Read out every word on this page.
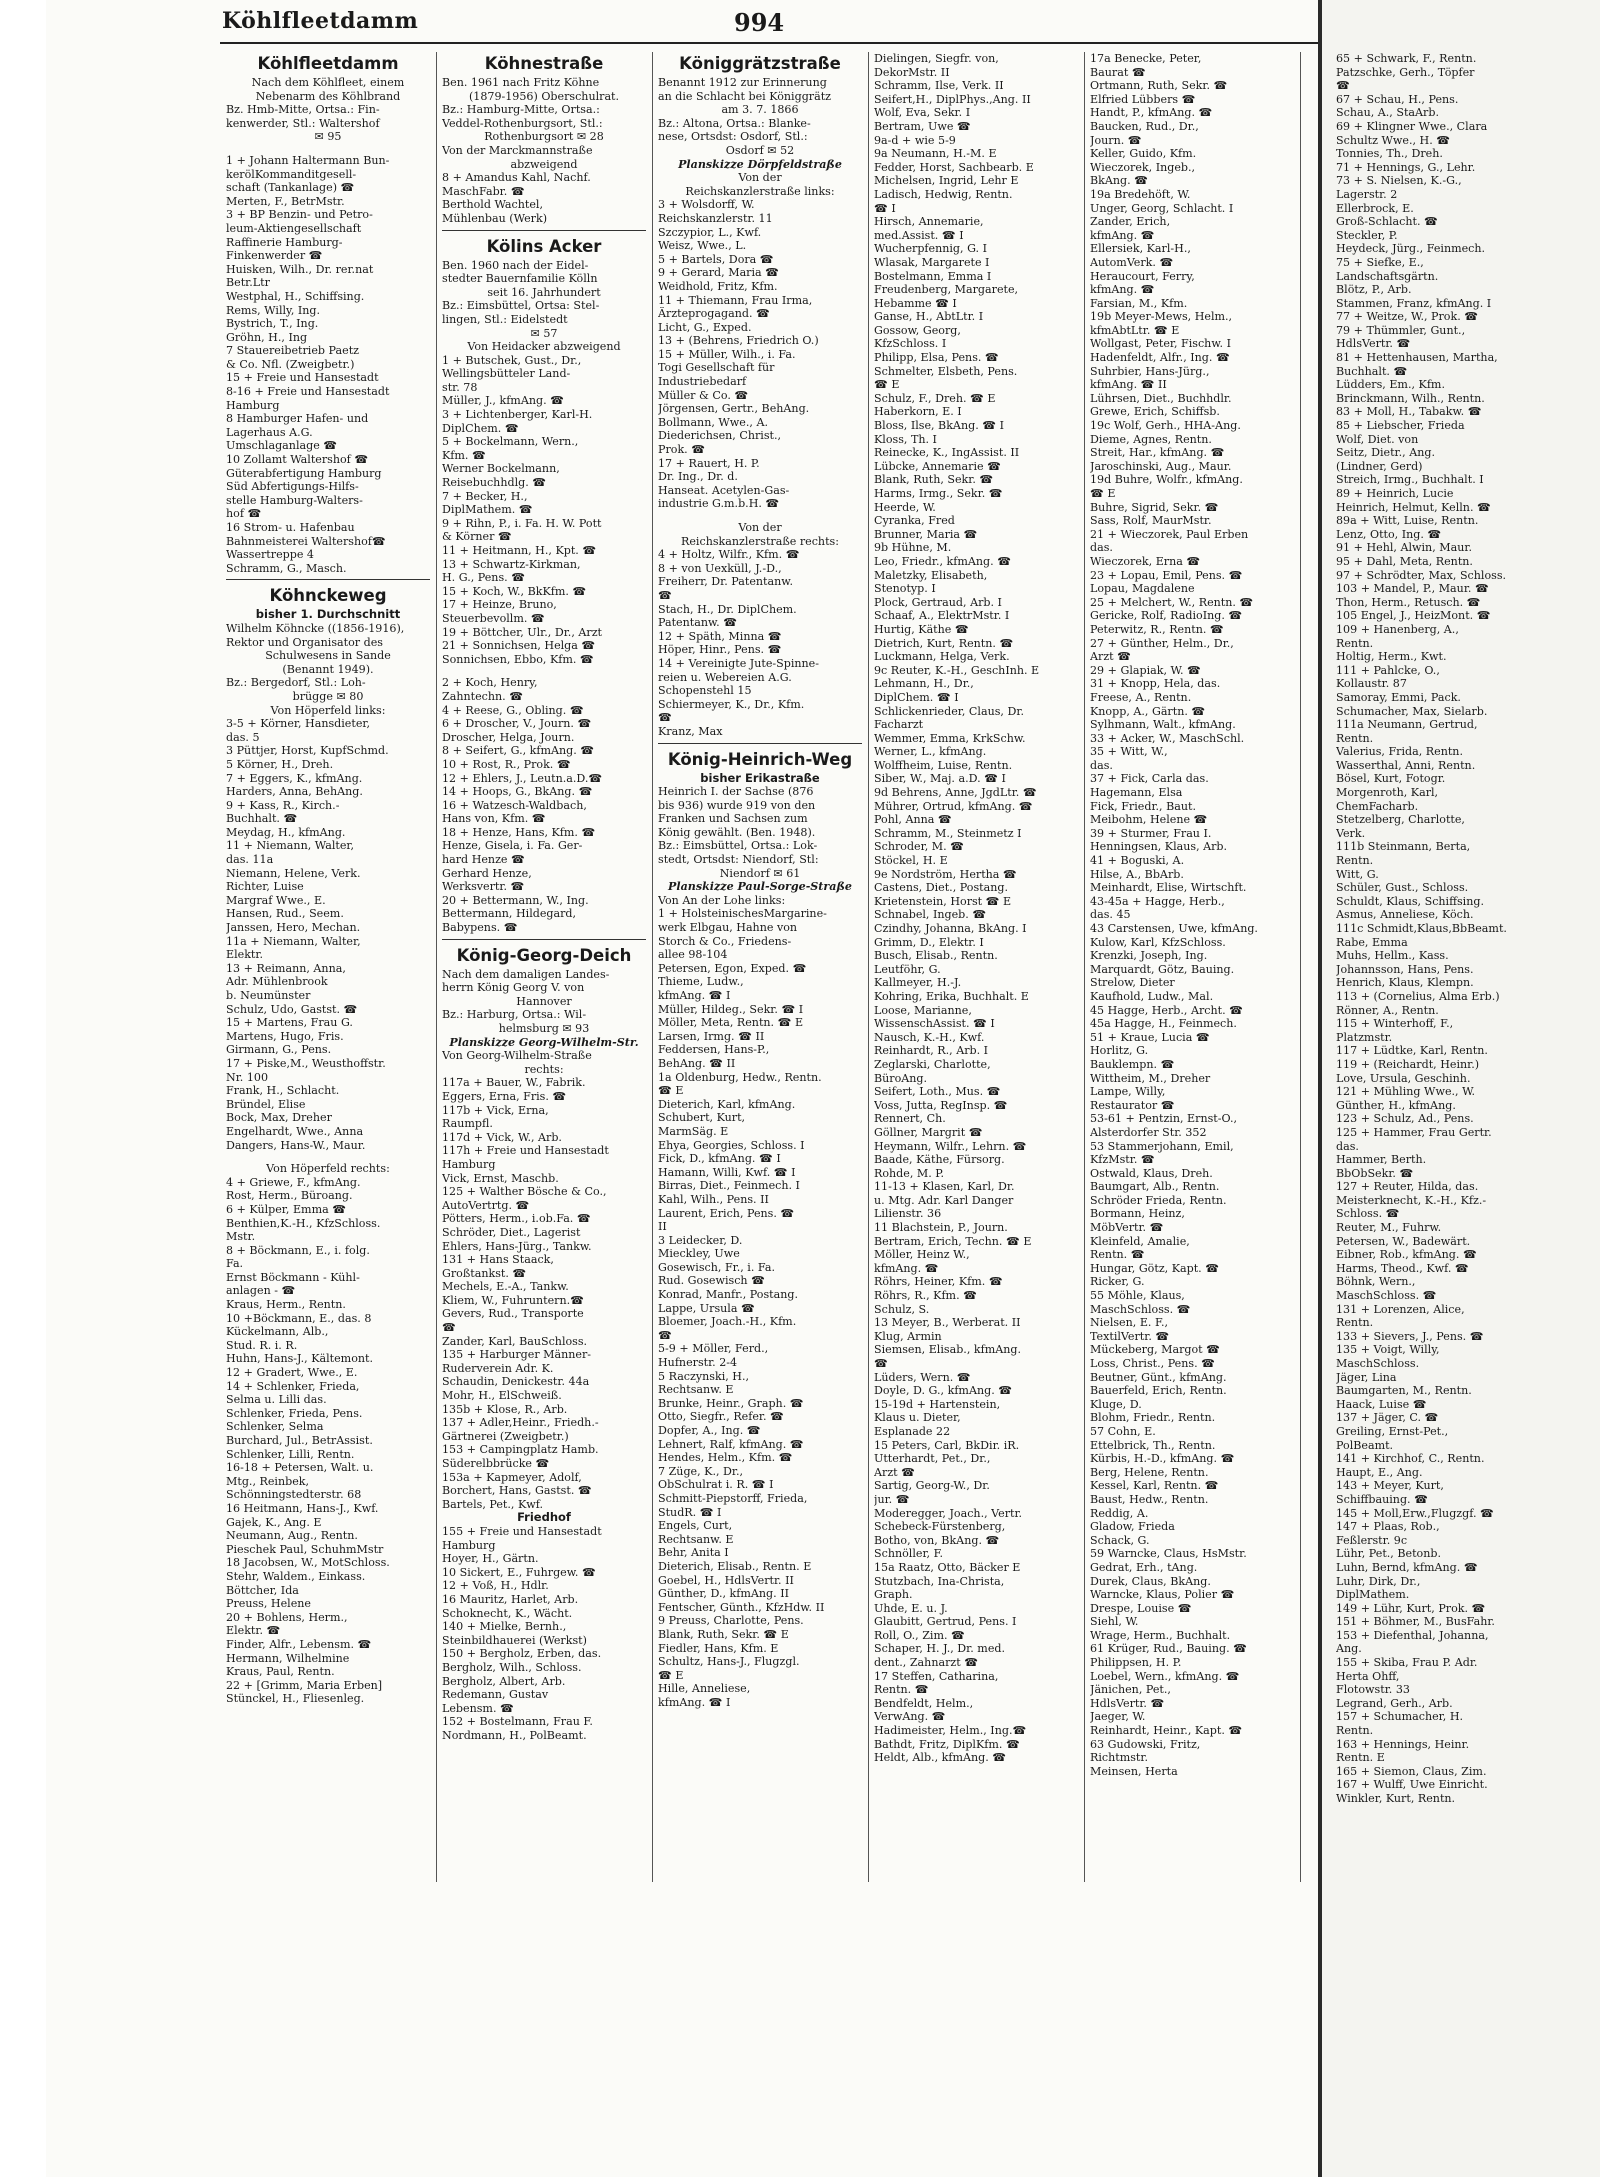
Köhlfleetdamm	994
Köhlfleetdamm
Nach dem Köhlfleet, einem
Nebenarm des Köhlbrand
Bz. Hmb-Mitte, Ortsa.: Fin-
kenwerder, Stl.: Waltershof
✉ 95
1 + Johann Haltermann Bun-
kerölKommanditgesell-
schaft (Tankanlage) ☎
Merten, F., BetrMstr.
3 + BP Benzin- und Petro-
leum-Aktiengesellschaft
Raffinerie Hamburg-
Finkenwerder ☎
Huisken, Wilh., Dr. rer.nat
Betr.Ltr
Westphal, H., Schiffsing.
Rems, Willy, Ing.
Bystrich, T., Ing.
Gröhn, H., Ing
7 Stauereibetrieb Paetz
& Co. Nfl. (Zweigbetr.)
15 + Freie und Hansestadt
8-16 + Freie und Hansestadt
Hamburg
8 Hamburger Hafen- und
Lagerhaus A.G.
Umschlaganlage ☎
10 Zollamt Waltershof ☎
Güterabfertigung Hamburg
Süd Abfertigungs-Hilfs-
stelle Hamburg-Walters-
hof ☎
16 Strom- u. Hafenbau
Bahnmeisterei Waltershof☎
Wassertreppe 4
Schramm, G., Masch.
Köhnckeweg
bisher 1. Durchschnitt
Wilhelm Köhncke ((1856-1916),
Rektor und Organisator des
Schulwesens in Sande
(Benannt 1949).
Bz.: Bergedorf, Stl.: Loh-
brügge ✉ 80
Von Höperfeld links:
3-5 + Körner, Hansdieter,
das. 5
3 Püttjer, Horst, KupfSchmd.
5 Körner, H., Dreh.
7 + Eggers, K., kfmAng.
Harders, Anna, BehAng.
9 + Kass, R., Kirch.-
Buchhalt. ☎
Meydag, H., kfmAng.
11 + Niemann, Walter,
das. 11a
Niemann, Helene, Verk.
Richter, Luise
Margraf Wwe., E.
Hansen, Rud., Seem.
Janssen, Hero, Mechan.
11a + Niemann, Walter,
Elektr.
13 + Reimann, Anna,
Adr. Mühlenbrook
b. Neumünster
Schulz, Udo, Gastst. ☎
15 + Martens, Frau G.
Martens, Hugo, Fris.
Girmann, G., Pens.
17 + Piske,M., Weusthoffstr.
Nr. 100
Frank, H., Schlacht.
Bründel, Elise
Bock, Max, Dreher
Engelhardt, Wwe., Anna
Dangers, Hans-W., Maur.
Von Höperfeld rechts:
4 + Griewe, F., kfmAng.
Rost, Herm., Büroang.
6 + Külper, Emma ☎
Benthien,K.-H., KfzSchloss.
Mstr.
8 + Böckmann, E., i. folg.
Fa.
Ernst Böckmann - Kühl-
anlagen - ☎
Kraus, Herm., Rentn.
10 +Böckmann, E., das. 8
Kückelmann, Alb.,
Stud. R. i. R.
Huhn, Hans-J., Kältemont.
12 + Gradert, Wwe., E.
14 + Schlenker, Frieda,
Selma u. Lilli das.
Schlenker, Frieda, Pens.
Schlenker, Selma
Burchard, Jul., BetrAssist.
Schlenker, Lilli, Rentn.
16-18 + Petersen, Walt. u.
Mtg., Reinbek,
Schönningstedterstr. 68
16 Heitmann, Hans-J., Kwf.
Gajek, K., Ang. E
Neumann, Aug., Rentn.
Pieschek Paul, SchuhmMstr
18 Jacobsen, W., MotSchloss.
Stehr, Waldem., Einkass.
Böttcher, Ida
Preuss, Helene
20 + Bohlens, Herm.,
Elektr. ☎
Finder, Alfr., Lebensm. ☎
Hermann, Wilhelmine
Kraus, Paul, Rentn.
22 + [Grimm, Maria Erben]
Stünckel, H., Fliesenleg.
Köhnestraße
Ben. 1961 nach Fritz Köhne
(1879-1956) Oberschulrat.
Bz.: Hamburg-Mitte, Ortsa.:
Veddel-Rothenburgsort, Stl.:
Rothenburgsort ✉ 28
Von der Marckmannstraße
abzweigend
8 + Amandus Kahl, Nachf.
MaschFabr. ☎
Berthold Wachtel,
Mühlenbau (Werk)
Kölins Acker
Ben. 1960 nach der Eidel-
stedter Bauernfamilie Kölln
seit 16. Jahrhundert
Bz.: Eimsbüttel, Ortsa: Stel-
lingen, Stl.: Eidelstedt
✉ 57
Von Heidacker abzweigend
1 + Butschek, Gust., Dr.,
Wellingsbütteler Land-
str. 78
Müller, J., kfmAng. ☎
3 + Lichtenberger, Karl-H.
DiplChem. ☎
5 + Bockelmann, Wern.,
Kfm. ☎
Werner Bockelmann,
Reisebuchhdlg. ☎
7 + Becker, H.,
DiplMathem. ☎
9 + Rihn, P., i. Fa. H. W. Pott
& Körner ☎
11 + Heitmann, H., Kpt. ☎
13 + Schwartz-Kirkman,
H. G., Pens. ☎
15 + Koch, W., BkKfm. ☎
17 + Heinze, Bruno,
Steuerbevollm. ☎
19 + Böttcher, Ulr., Dr., Arzt
21 + Sonnichsen, Helga ☎
Sonnichsen, Ebbo, Kfm. ☎
2 + Koch, Henry,
Zahntechn. ☎
4 + Reese, G., Obling. ☎
6 + Droscher, V., Journ. ☎
Droscher, Helga, Journ.
8 + Seifert, G., kfmAng. ☎
10 + Rost, R., Prok. ☎
12 + Ehlers, J., Leutn.a.D.☎
14 + Hoops, G., BkAng. ☎
16 + Watzesch-Waldbach,
Hans von, Kfm. ☎
18 + Henze, Hans, Kfm. ☎
Henze, Gisela, i. Fa. Ger-
hard Henze ☎
Gerhard Henze,
Werksvertr. ☎
20 + Bettermann, W., Ing.
Bettermann, Hildegard,
Babypens. ☎
König-Georg-Deich
Nach dem damaligen Landes-
herrn König Georg V. von
Hannover
Bz.: Harburg, Ortsa.: Wil-
helmsburg ✉ 93
Planskizze Georg-Wilhelm-Str.
Von Georg-Wilhelm-Straße
rechts:
117a + Bauer, W., Fabrik.
Eggers, Erna, Fris. ☎
117b + Vick, Erna,
Raumpfl.
117d + Vick, W., Arb.
117h + Freie und Hansestadt
Hamburg
Vick, Ernst, Maschb.
125 + Walther Bösche & Co.,
AutoVertrtg. ☎
Pötters, Herm., i.ob.Fa. ☎
Schröder, Diet., Lagerist
Ehlers, Hans-Jürg., Tankw.
131 + Hans Staack,
Großtankst. ☎
Mechels, E.-A., Tankw.
Kliem, W., Fuhruntern.☎
Gevers, Rud., Transporte
☎
Zander, Karl, BauSchloss.
135 + Harburger Männer-
Ruderverein Adr. K.
Schaudin, Denickestr. 44a
Mohr, H., ElSchweiß.
135b + Klose, R., Arb.
137 + Adler,Heinr., Friedh.-
Gärtnerei (Zweigbetr.)
153 + Campingplatz Hamb.
Süderelbbrücke ☎
153a + Kapmeyer, Adolf,
Borchert, Hans, Gastst. ☎
Bartels, Pet., Kwf.
Friedhof
155 + Freie und Hansestadt
Hamburg
Hoyer, H., Gärtn.
10 Sickert, E., Fuhrgew. ☎
12 + Voß, H., Hdlr.
16 Mauritz, Harlet, Arb.
Schoknecht, K., Wächt.
140 + Mielke, Bernh.,
Steinbildhauerei (Werkst)
150 + Bergholz, Erben, das.
Bergholz, Wilh., Schloss.
Bergholz, Albert, Arb.
Redemann, Gustav
Lebensm. ☎
152 + Bostelmann, Frau F.
Nordmann, H., PolBeamt.
Königgrätzstraße
Benannt 1912 zur Erinnerung
an die Schlacht bei Königgrätz
am 3. 7. 1866
Bz.: Altona, Ortsa.: Blanke-
nese, Ortsdst: Osdorf, Stl.:
Osdorf ✉ 52
Planskizze Dörpfeldstraße
Von der
Reichskanzlerstraße links:
3 + Wolsdorff, W.
Reichskanzlerstr. 11
Szczypior, L., Kwf.
Weisz, Wwe., L.
5 + Bartels, Dora ☎
9 + Gerard, Maria ☎
Weidhold, Fritz, Kfm.
11 + Thiemann, Frau Irma,
Ärzteprogagand. ☎
Licht, G., Exped.
13 + (Behrens, Friedrich O.)
15 + Müller, Wilh., i. Fa.
Togi Gesellschaft für
Industriebedarf
Müller & Co. ☎
Jörgensen, Gertr., BehAng.
Bollmann, Wwe., A.
Diederichsen, Christ.,
Prok. ☎
17 + Rauert, H. P.
Dr. Ing., Dr. d.
Hanseat. Acetylen-Gas-
industrie G.m.b.H. ☎
Von der
Reichskanzlerstraße rechts:
4 + Holtz, Wilfr., Kfm. ☎
8 + von Uexküll, J.-D.,
Freiherr, Dr. Patentanw.
☎
Stach, H., Dr. DiplChem.
Patentanw. ☎
12 + Späth, Minna ☎
Höper, Hinr., Pens. ☎
14 + Vereinigte Jute-Spinne-
reien u. Webereien A.G.
Schopenstehl 15
Schiermeyer, K., Dr., Kfm.
☎
Kranz, Max
König-Heinrich-Weg
bisher Erikastraße
Heinrich I. der Sachse (876
bis 936) wurde 919 von den
Franken und Sachsen zum
König gewählt. (Ben. 1948).
Bz.: Eimsbüttel, Ortsa.: Lok-
stedt, Ortsdst: Niendorf, Stl:
Niendorf ✉ 61
Planskizze Paul-Sorge-Straße
Von An der Lohe links:
1 + HolsteinischesMargarine-
werk Elbgau, Hahne von
Storch & Co., Friedens-
allee 98-104
Petersen, Egon, Exped. ☎
Thieme, Ludw.,
kfmAng. ☎ I
Müller, Hildeg., Sekr. ☎ I
Möller, Meta, Rentn. ☎ E
Larsen, Irmg. ☎ II
Feddersen, Hans-P.,
BehAng. ☎ II
1a Oldenburg, Hedw., Rentn.
☎ E
Dieterich, Karl, kfmAng.
Schubert, Kurt,
MarmSäg. E
Ehya, Georgies, Schloss. I
Fick, D., kfmAng. ☎ I
Hamann, Willi, Kwf. ☎ I
Birras, Diet., Feinmech. I
Kahl, Wilh., Pens. II
Laurent, Erich, Pens. ☎
II
3 Leidecker, D.
Mieckley, Uwe
Gosewisch, Fr., i. Fa.
Rud. Gosewisch ☎
Konrad, Manfr., Postang.
Lappe, Ursula ☎
Bloemer, Joach.-H., Kfm.
☎
5-9 + Möller, Ferd.,
Hufnerstr. 2-4
5 Raczynski, H.,
Rechtsanw. E
Brunke, Heinr., Graph. ☎
Otto, Siegfr., Refer. ☎
Dopfer, A., Ing. ☎
Lehnert, Ralf, kfmAng. ☎
Hendes, Helm., Kfm. ☎
7 Züge, K., Dr.,
ObSchulrat i. R. ☎ I
Schmitt-Piepstorff, Frieda,
StudR. ☎ I
Engels, Curt,
Rechtsanw. E
Behr, Anita I
Dieterich, Elisab., Rentn. E
Goebel, H., HdlsVertr. II
Günther, D., kfmAng. II
Fentscher, Günth., KfzHdw. II
9 Preuss, Charlotte, Pens.
Blank, Ruth, Sekr. ☎ E
Fiedler, Hans, Kfm. E
Schultz, Hans-J., Flugzgl.
☎ E
Hille, Anneliese,
kfmAng. ☎ I
Dielingen, Siegfr. von,
DekorMstr. II
Schramm, Ilse, Verk. II
Seifert,H., DiplPhys.,Ang. II
Wolf, Eva, Sekr. I
Bertram, Uwe ☎
9a-d + wie 5-9
9a Neumann, H.-M. E
Fedder, Horst, Sachbearb. E
Michelsen, Ingrid, Lehr E
Ladisch, Hedwig, Rentn.
☎ I
Hirsch, Annemarie,
med.Assist. ☎ I
Wucherpfennig, G. I
Wlasak, Margarete I
Bostelmann, Emma I
Freudenberg, Margarete,
Hebamme ☎ I
Ganse, H., AbtLtr. I
Gossow, Georg,
KfzSchloss. I
Philipp, Elsa, Pens. ☎
Schmelter, Elsbeth, Pens.
☎ E
Schulz, F., Dreh. ☎ E
Haberkorn, E. I
Bloss, Ilse, BkAng. ☎ I
Kloss, Th. I
Reinecke, K., IngAssist. II
Lübcke, Annemarie ☎
Blank, Ruth, Sekr. ☎
Harms, Irmg., Sekr. ☎
Heerde, W.
Cyranka, Fred
Brunner, Maria ☎
9b Hühne, M.
Leo, Friedr., kfmAng. ☎
Maletzky, Elisabeth,
Stenotyp. I
Plock, Gertraud, Arb. I
Schaaf, A., ElektrMstr. I
Hurtig, Käthe ☎
Dietrich, Kurt, Rentn. ☎
Luckmann, Helga, Verk.
9c Reuter, K.-H., GeschInh. E
Lehmann, H., Dr.,
DiplChem. ☎ I
Schlickenrieder, Claus, Dr.
Facharzt
Wemmer, Emma, KrkSchw.
Werner, L., kfmAng.
Wolffheim, Luise, Rentn.
Siber, W., Maj. a.D. ☎ I
9d Behrens, Anne, JgdLtr. ☎
Mührer, Ortrud, kfmAng. ☎
Pohl, Anna ☎
Schramm, M., Steinmetz I
Schroder, M. ☎
Stöckel, H. E
9e Nordström, Hertha ☎
Castens, Diet., Postang.
Krietenstein, Horst ☎ E
Schnabel, Ingeb. ☎
Czindhy, Johanna, BkAng. I
Grimm, D., Elektr. I
Busch, Elisab., Rentn.
Leutföhr, G.
Kallmeyer, H.-J.
Kohring, Erika, Buchhalt. E
Loose, Marianne,
WissenschAssist. ☎ I
Nausch, K.-H., Kwf.
Reinhardt, R., Arb. I
Zeglarski, Charlotte,
BüroAng.
Seifert, Loth., Mus. ☎
Voss, Jutta, RegInsp. ☎
Rennert, Ch.
Göllner, Margrit ☎
Heymann, Wilfr., Lehrn. ☎
Baade, Käthe, Fürsorg.
Rohde, M. P.
11-13 + Klasen, Karl, Dr.
u. Mtg. Adr. Karl Danger
Lilienstr. 36
11 Blachstein, P., Journ.
Bertram, Erich, Techn. ☎ E
Möller, Heinz W.,
kfmAng. ☎
Röhrs, Heiner, Kfm. ☎
Röhrs, R., Kfm. ☎
Schulz, S.
13 Meyer, B., Werberat. II
Klug, Armin
Siemsen, Elisab., kfmAng.
☎
Lüders, Wern. ☎
Doyle, D. G., kfmAng. ☎
15-19d + Hartenstein,
Klaus u. Dieter,
Esplanade 22
15 Peters, Carl, BkDir. iR.
Utterhardt, Pet., Dr.,
Arzt ☎
Sartig, Georg-W., Dr.
jur. ☎
Moderegger, Joach., Vertr.
Schebeck-Fürstenberg,
Botho, von, BkAng. ☎
Schnöller, F.
15a Raatz, Otto, Bäcker E
Stutzbach, Ina-Christa,
Graph.
Uhde, E. u. J.
Glaubitt, Gertrud, Pens. I
Roll, O., Zim. ☎
Schaper, H. J., Dr. med.
dent., Zahnarzt ☎
17 Steffen, Catharina,
Rentn. ☎
Bendfeldt, Helm.,
VerwAng. ☎
Hadimeister, Helm., Ing.☎
Bathdt, Fritz, DiplKfm. ☎
Heldt, Alb., kfmAng. ☎
17a Benecke, Peter,
Baurat ☎
Ortmann, Ruth, Sekr. ☎
Elfried Lübbers ☎
Handt, P., kfmAng. ☎
Baucken, Rud., Dr.,
Journ. ☎
Keller, Guido, Kfm.
Wieczorek, Ingeb.,
BkAng. ☎
19a Bredehöft, W.
Unger, Georg, Schlacht. I
Zander, Erich,
kfmAng. ☎
Ellersiek, Karl-H.,
AutomVerk. ☎
Heraucourt, Ferry,
kfmAng. ☎
Farsian, M., Kfm.
19b Meyer-Mews, Helm.,
kfmAbtLtr. ☎ E
Wollgast, Peter, Fischw. I
Hadenfeldt, Alfr., Ing. ☎
Suhrbier, Hans-Jürg.,
kfmAng. ☎ II
Lührsen, Diet., Buchhdlr.
Grewe, Erich, Schiffsb.
19c Wolf, Gerh., HHA-Ang.
Dieme, Agnes, Rentn.
Streit, Har., kfmAng. ☎
Jaroschinski, Aug., Maur.
19d Buhre, Wolfr., kfmAng.
☎ E
Buhre, Sigrid, Sekr. ☎
Sass, Rolf, MaurMstr.
21 + Wieczorek, Paul Erben
das.
Wieczorek, Erna ☎
23 + Lopau, Emil, Pens. ☎
Lopau, Magdalene
25 + Melchert, W., Rentn. ☎
Gericke, Rolf, RadioIng. ☎
Peterwitz, R., Rentn. ☎
27 + Günther, Helm., Dr.,
Arzt ☎
29 + Glapiak, W. ☎
31 + Knopp, Hela, das.
Freese, A., Rentn.
Knopp, A., Gärtn. ☎
Sylhmann, Walt., kfmAng.
33 + Acker, W., MaschSchl.
35 + Witt, W.,
das.
37 + Fick, Carla das.
Hagemann, Elsa
Fick, Friedr., Baut.
Meibohm, Helene ☎
39 + Sturmer, Frau I.
Henningsen, Klaus, Arb.
41 + Boguski, A.
Hilse, A., BbArb.
Meinhardt, Elise, Wirtschft.
43-45a + Hagge, Herb.,
das. 45
43 Carstensen, Uwe, kfmAng.
Kulow, Karl, KfzSchloss.
Krenzki, Joseph, Ing.
Marquardt, Götz, Bauing.
Strelow, Dieter
Kaufhold, Ludw., Mal.
45 Hagge, Herb., Archt. ☎
45a Hagge, H., Feinmech.
51 + Kraue, Lucia ☎
Horlitz, G.
Bauklempn. ☎
Wittheim, M., Dreher
Lampe, Willy,
Restaurator ☎
53-61 + Pentzin, Ernst-O.,
Alsterdorfer Str. 352
53 Stammerjohann, Emil,
KfzMstr. ☎
Ostwald, Klaus, Dreh.
Baumgart, Alb., Rentn.
Schröder Frieda, Rentn.
Bormann, Heinz,
MöbVertr. ☎
Kleinfeld, Amalie,
Rentn. ☎
Hungar, Götz, Kapt. ☎
Ricker, G.
55 Möhle, Klaus,
MaschSchloss. ☎
Nielsen, E. F.,
TextilVertr. ☎
Mückeberg, Margot ☎
Loss, Christ., Pens. ☎
Beutner, Günt., kfmAng.
Bauerfeld, Erich, Rentn.
Kluge, D.
Blohm, Friedr., Rentn.
57 Cohn, E.
Ettelbrick, Th., Rentn.
Kürbis, H.-D., kfmAng. ☎
Berg, Helene, Rentn.
Kessel, Karl, Rentn. ☎
Baust, Hedw., Rentn.
Reddig, A.
Gladow, Frieda
Schack, G.
59 Warncke, Claus, HsMstr.
Gedrat, Erh., tAng.
Durek, Claus, BkAng.
Warncke, Klaus, Polier ☎
Drespe, Louise ☎
Siehl, W.
Wrage, Herm., Buchhalt.
61 Krüger, Rud., Bauing. ☎
Philippsen, H. P.
Loebel, Wern., kfmAng. ☎
Jänichen, Pet.,
HdlsVertr. ☎
Jaeger, W.
Reinhardt, Heinr., Kapt. ☎
63 Gudowski, Fritz,
Richtmstr.
Meinsen, Herta
65 + Schwark, F., Rentn.
Patzschke, Gerh., Töpfer
☎
67 + Schau, H., Pens.
Schau, A., StaArb.
69 + Klingner Wwe., Clara
Schultz Wwe., H. ☎
Tonnies, Th., Dreh.
71 + Hennings, G., Lehr.
73 + S. Nielsen, K.-G.,
Lagerstr. 2
Ellerbrock, E.
Groß-Schlacht. ☎
Steckler, P.
Heydeck, Jürg., Feinmech.
75 + Siefke, E.,
Landschaftsgärtn.
Blötz, P., Arb.
Stammen, Franz, kfmAng. I
77 + Weitze, W., Prok. ☎
79 + Thümmler, Gunt.,
HdlsVertr. ☎
81 + Hettenhausen, Martha,
Buchhalt. ☎
Lüdders, Em., Kfm.
Brinckmann, Wilh., Rentn.
83 + Moll, H., Tabakw. ☎
85 + Liebscher, Frieda
Wolf, Diet. von
Seitz, Dietr., Ang.
(Lindner, Gerd)
Streich, Irmg., Buchhalt. I
89 + Heinrich, Lucie
Heinrich, Helmut, Kelln. ☎
89a + Witt, Luise, Rentn.
Lenz, Otto, Ing. ☎
91 + Hehl, Alwin, Maur.
95 + Dahl, Meta, Rentn.
97 + Schrödter, Max, Schloss.
103 + Mandel, P., Maur. ☎
Thon, Herm., Retusch. ☎
105 Engel, J., HeizMont. ☎
109 + Hanenberg, A.,
Rentn.
Holtig, Herm., Kwt.
111 + Pahlcke, O.,
Kollaustr. 87
Samoray, Emmi, Pack.
Schumacher, Max, Sielarb.
111a Neumann, Gertrud,
Rentn.
Valerius, Frida, Rentn.
Wasserthal, Anni, Rentn.
Bösel, Kurt, Fotogr.
Morgenroth, Karl,
ChemFacharb.
Stetzelberg, Charlotte,
Verk.
111b Steinmann, Berta,
Rentn.
Witt, G.
Schüler, Gust., Schloss.
Schuldt, Klaus, Schiffsing.
Asmus, Anneliese, Köch.
111c Schmidt,Klaus,BbBeamt.
Rabe, Emma
Muhs, Hellm., Kass.
Johannsson, Hans, Pens.
Henrich, Klaus, Klempn.
113 + (Cornelius, Alma Erb.)
Rönner, A., Rentn.
115 + Winterhoff, F.,
Platzmstr.
117 + Lüdtke, Karl, Rentn.
119 + (Reichardt, Heinr.)
Love, Ursula, Geschinh.
121 + Mühling Wwe., W.
Günther, H., kfmAng.
123 + Schulz, Ad., Pens.
125 + Hammer, Frau Gertr.
das.
Hammer, Berth.
BbObSekr. ☎
127 + Reuter, Hilda, das.
Meisterknecht, K.-H., Kfz.-
Schloss. ☎
Reuter, M., Fuhrw.
Petersen, W., Badewärt.
Eibner, Rob., kfmAng. ☎
Harms, Theod., Kwf. ☎
Böhnk, Wern.,
MaschSchloss. ☎
131 + Lorenzen, Alice,
Rentn.
133 + Sievers, J., Pens. ☎
135 + Voigt, Willy,
MaschSchloss.
Jäger, Lina
Baumgarten, M., Rentn.
Haack, Luise ☎
137 + Jäger, C. ☎
Greiling, Ernst-Pet.,
PolBeamt.
141 + Kirchhof, C., Rentn.
Haupt, E., Ang.
143 + Meyer, Kurt,
Schiffbauing. ☎
145 + Moll,Erw.,Flugzgf. ☎
147 + Plaas, Rob.,
Feßlerstr. 9c
Lühr, Pet., Betonb.
Luhn, Bernd, kfmAng. ☎
Luhr, Dirk, Dr.,
DiplMathem.
149 + Lühr, Kurt, Prok. ☎
151 + Böhmer, M., BusFahr.
153 + Diefenthal, Johanna,
Ang.
155 + Skiba, Frau P. Adr.
Herta Ohff,
Flotowstr. 33
Legrand, Gerh., Arb.
157 + Schumacher, H.
Rentn.
163 + Hennings, Heinr.
Rentn. E
165 + Siemon, Claus, Zim.
167 + Wulff, Uwe Einricht.
Winkler, Kurt, Rentn.
